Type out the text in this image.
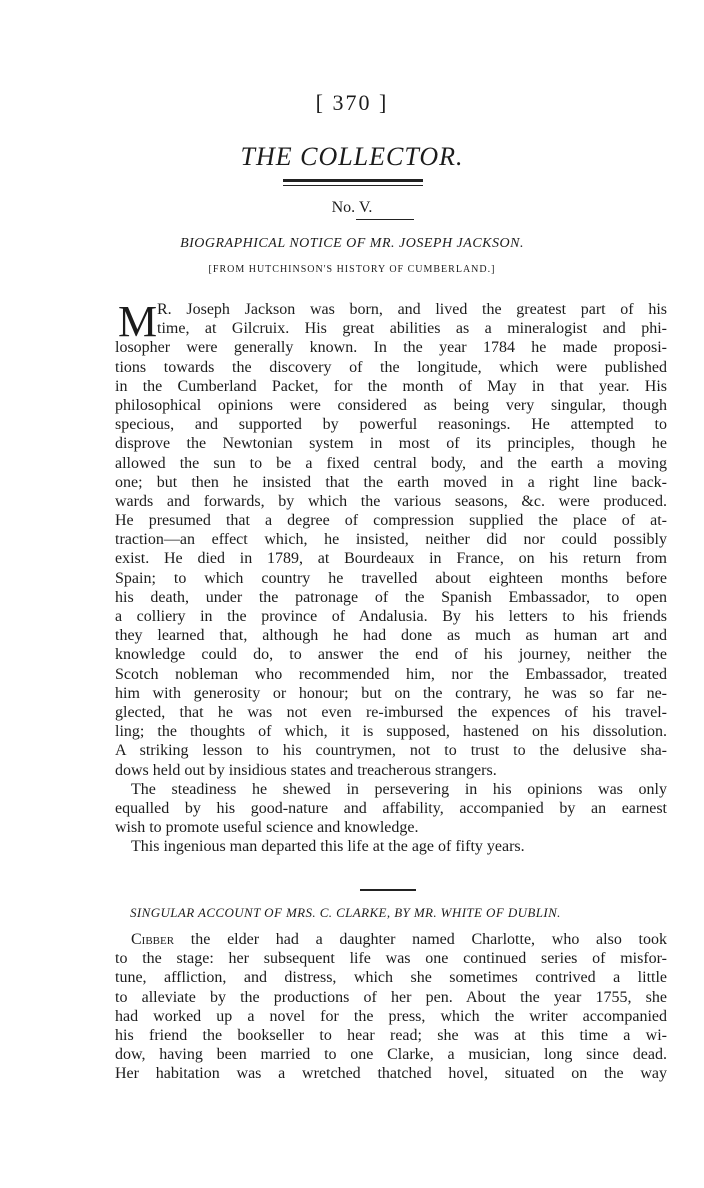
[ 370 ]
THE COLLECTOR.
No. V.
BIOGRAPHICAL NOTICE OF MR. JOSEPH JACKSON.
[FROM HUTCHINSON'S HISTORY OF CUMBERLAND.]
M R. Joseph Jackson was born, and lived the greatest part of his
time, at Gilcruix. His great abilities as a mineralogist and phi-
losopher were generally known. In the year 1784 he made proposi-
tions towards the discovery of the longitude, which were published
in the Cumberland Packet, for the month of May in that year. His
philosophical opinions were considered as being very singular, though
specious, and supported by powerful reasonings. He attempted to
disprove the Newtonian system in most of its principles, though he
allowed the sun to be a fixed central body, and the earth a moving
one; but then he insisted that the earth moved in a right line back-
wards and forwards, by which the various seasons, &c. were produced.
He presumed that a degree of compression supplied the place of at-
traction—an effect which, he insisted, neither did nor could possibly
exist. He died in 1789, at Bourdeaux in France, on his return from
Spain; to which country he travelled about eighteen months before
his death, under the patronage of the Spanish Embassador, to open
a colliery in the province of Andalusia. By his letters to his friends
they learned that, although he had done as much as human art and
knowledge could do, to answer the end of his journey, neither the
Scotch nobleman who recommended him, nor the Embassador, treated
him with generosity or honour; but on the contrary, he was so far ne-
glected, that he was not even re-imbursed the expences of his travel-
ling; the thoughts of which, it is supposed, hastened on his dissolution.
A striking lesson to his countrymen, not to trust to the delusive sha-
dows held out by insidious states and treacherous strangers.
The steadiness he shewed in persevering in his opinions was only
equalled by his good-nature and affability, accompanied by an earnest
wish to promote useful science and knowledge.
This ingenious man departed this life at the age of fifty years.
SINGULAR ACCOUNT OF MRS. C. CLARKE, BY MR. WHITE OF DUBLIN.
Cibber the elder had a daughter named Charlotte, who also took
to the stage: her subsequent life was one continued series of misfor-
tune, affliction, and distress, which she sometimes contrived a little
to alleviate by the productions of her pen. About the year 1755, she
had worked up a novel for the press, which the writer accompanied
his friend the bookseller to hear read; she was at this time a wi-
dow, having been married to one Clarke, a musician, long since dead.
Her habitation was a wretched thatched hovel, situated on the way
